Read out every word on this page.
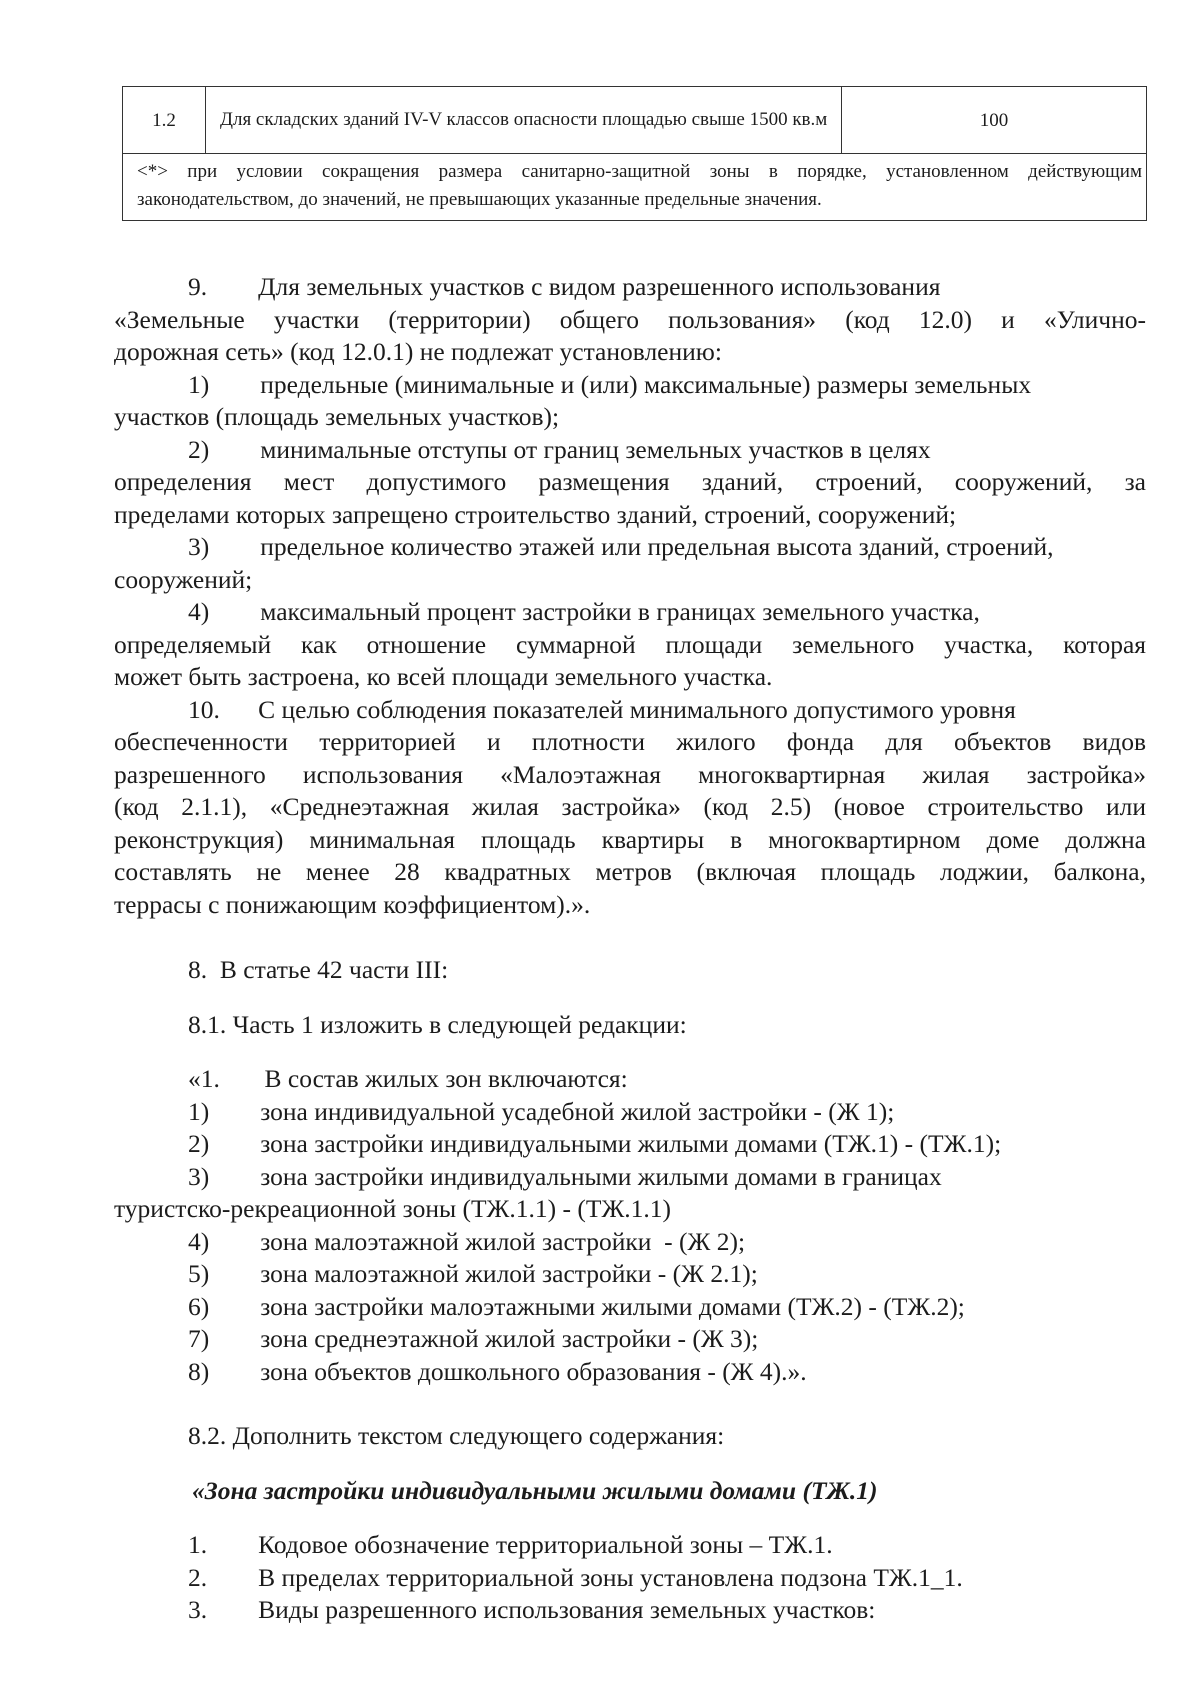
1.2	Для складских зданий IV-V классов опасности площадью свыше 1500 кв.м	100
<*> при условии сокращения размера санитарно-защитной зоны в порядке, установленном действующим законодательством, до значений, не превышающих указанные предельные значения.
9.        Для земельных участков с видом разрешенного использования
«Земельные участки (территории) общего пользования» (код 12.0) и «Улично-
дорожная сеть» (код 12.0.1) не подлежат установлению:
1)        предельные (минимальные и (или) максимальные) размеры земельных
участков (площадь земельных участков);
2)        минимальные отступы от границ земельных участков в целях
определения мест допустимого размещения зданий, строений, сооружений, за
пределами которых запрещено строительство зданий, строений, сооружений;
3)        предельное количество этажей или предельная высота зданий, строений,
сооружений;
4)        максимальный процент застройки в границах земельного участка,
определяемый как отношение суммарной площади земельного участка, которая
может быть застроена, ко всей площади земельного участка.
10.      С целью соблюдения показателей минимального допустимого уровня
обеспеченности территорией и плотности жилого фонда для объектов видов
разрешенного использования «Малоэтажная многоквартирная жилая застройка»
(код 2.1.1), «Среднеэтажная жилая застройка» (код 2.5) (новое строительство или
реконструкция) минимальная площадь квартиры в многоквартирном доме должна
составлять не менее 28 квадратных метров (включая площадь лоджии, балкона,
террасы с понижающим коэффициентом).».
8.  В статье 42 части III:
8.1. Часть 1 изложить в следующей редакции:
«1.       В состав жилых зон включаются:
1)        зона индивидуальной усадебной жилой застройки - (Ж 1);
2)        зона застройки индивидуальными жилыми домами (ТЖ.1) - (ТЖ.1);
3)        зона застройки индивидуальными жилыми домами в границах
туристско-рекреационной зоны (ТЖ.1.1) - (ТЖ.1.1)
4)        зона малоэтажной жилой застройки  - (Ж 2);
5)        зона малоэтажной жилой застройки - (Ж 2.1);
6)        зона застройки малоэтажными жилыми домами (ТЖ.2) - (ТЖ.2);
7)        зона среднеэтажной жилой застройки - (Ж 3);
8)        зона объектов дошкольного образования - (Ж 4).».
8.2. Дополнить текстом следующего содержания:
«Зона застройки индивидуальными жилыми домами (ТЖ.1)
1.        Кодовое обозначение территориальной зоны – ТЖ.1.
2.        В пределах территориальной зоны установлена подзона ТЖ.1_1.
3.        Виды разрешенного использования земельных участков:
